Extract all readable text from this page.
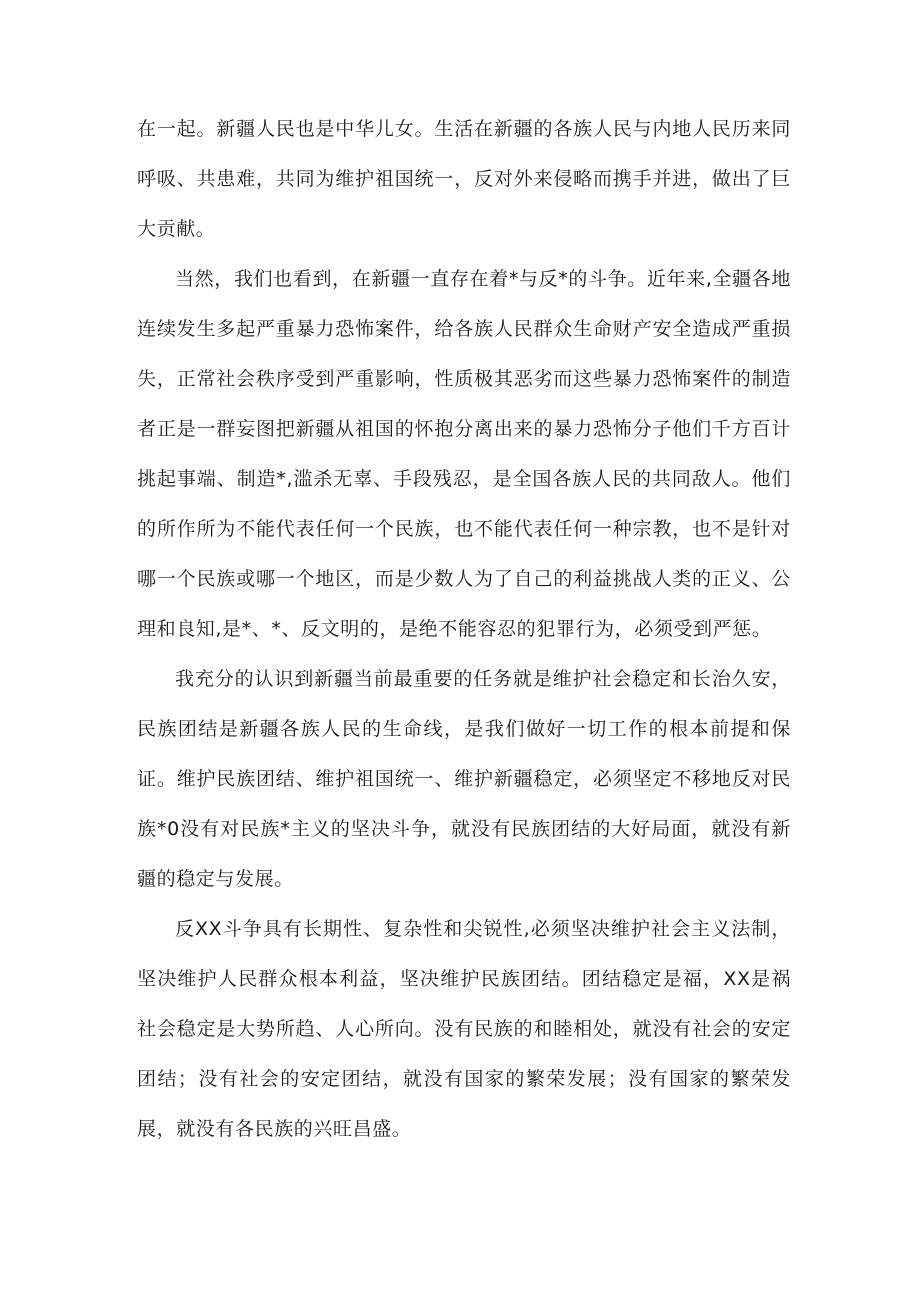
在一起。新疆人民也是中华儿女。生活在新疆的各族人民与内地人民历来同呼吸、共患难，共同为维护祖国统一，反对外来侵略而携手并进，做出了巨大贡献。

当然，我们也看到，在新疆一直存在着*与反*的斗争。近年来,全疆各地连续发生多起严重暴力恐怖案件，给各族人民群众生命财产安全造成严重损失，正常社会秩序受到严重影响，性质极其恶劣而这些暴力恐怖案件的制造者正是一群妄图把新疆从祖国的怀抱分离出来的暴力恐怖分子他们千方百计挑起事端、制造*,滥杀无辜、手段残忍，是全国各族人民的共同敌人。他们的所作所为不能代表任何一个民族，也不能代表任何一种宗教，也不是针对哪一个民族或哪一个地区，而是少数人为了自己的利益挑战人类的正义、公理和良知,是*、*、反文明的，是绝不能容忍的犯罪行为，必须受到严惩。

我充分的认识到新疆当前最重要的任务就是维护社会稳定和长治久安，民族团结是新疆各族人民的生命线，是我们做好一切工作的根本前提和保证。维护民族团结、维护祖国统一、维护新疆稳定，必须坚定不移地反对民族*0没有对民族*主义的坚决斗争，就没有民族团结的大好局面，就没有新疆的稳定与发展。

反XX斗争具有长期性、复杂性和尖锐性,必须坚决维护社会主义法制，坚决维护人民群众根本利益，坚决维护民族团结。团结稳定是福，XX是祸社会稳定是大势所趋、人心所向。没有民族的和睦相处，就没有社会的安定团结；没有社会的安定团结，就没有国家的繁荣发展；没有国家的繁荣发展，就没有各民族的兴旺昌盛。
